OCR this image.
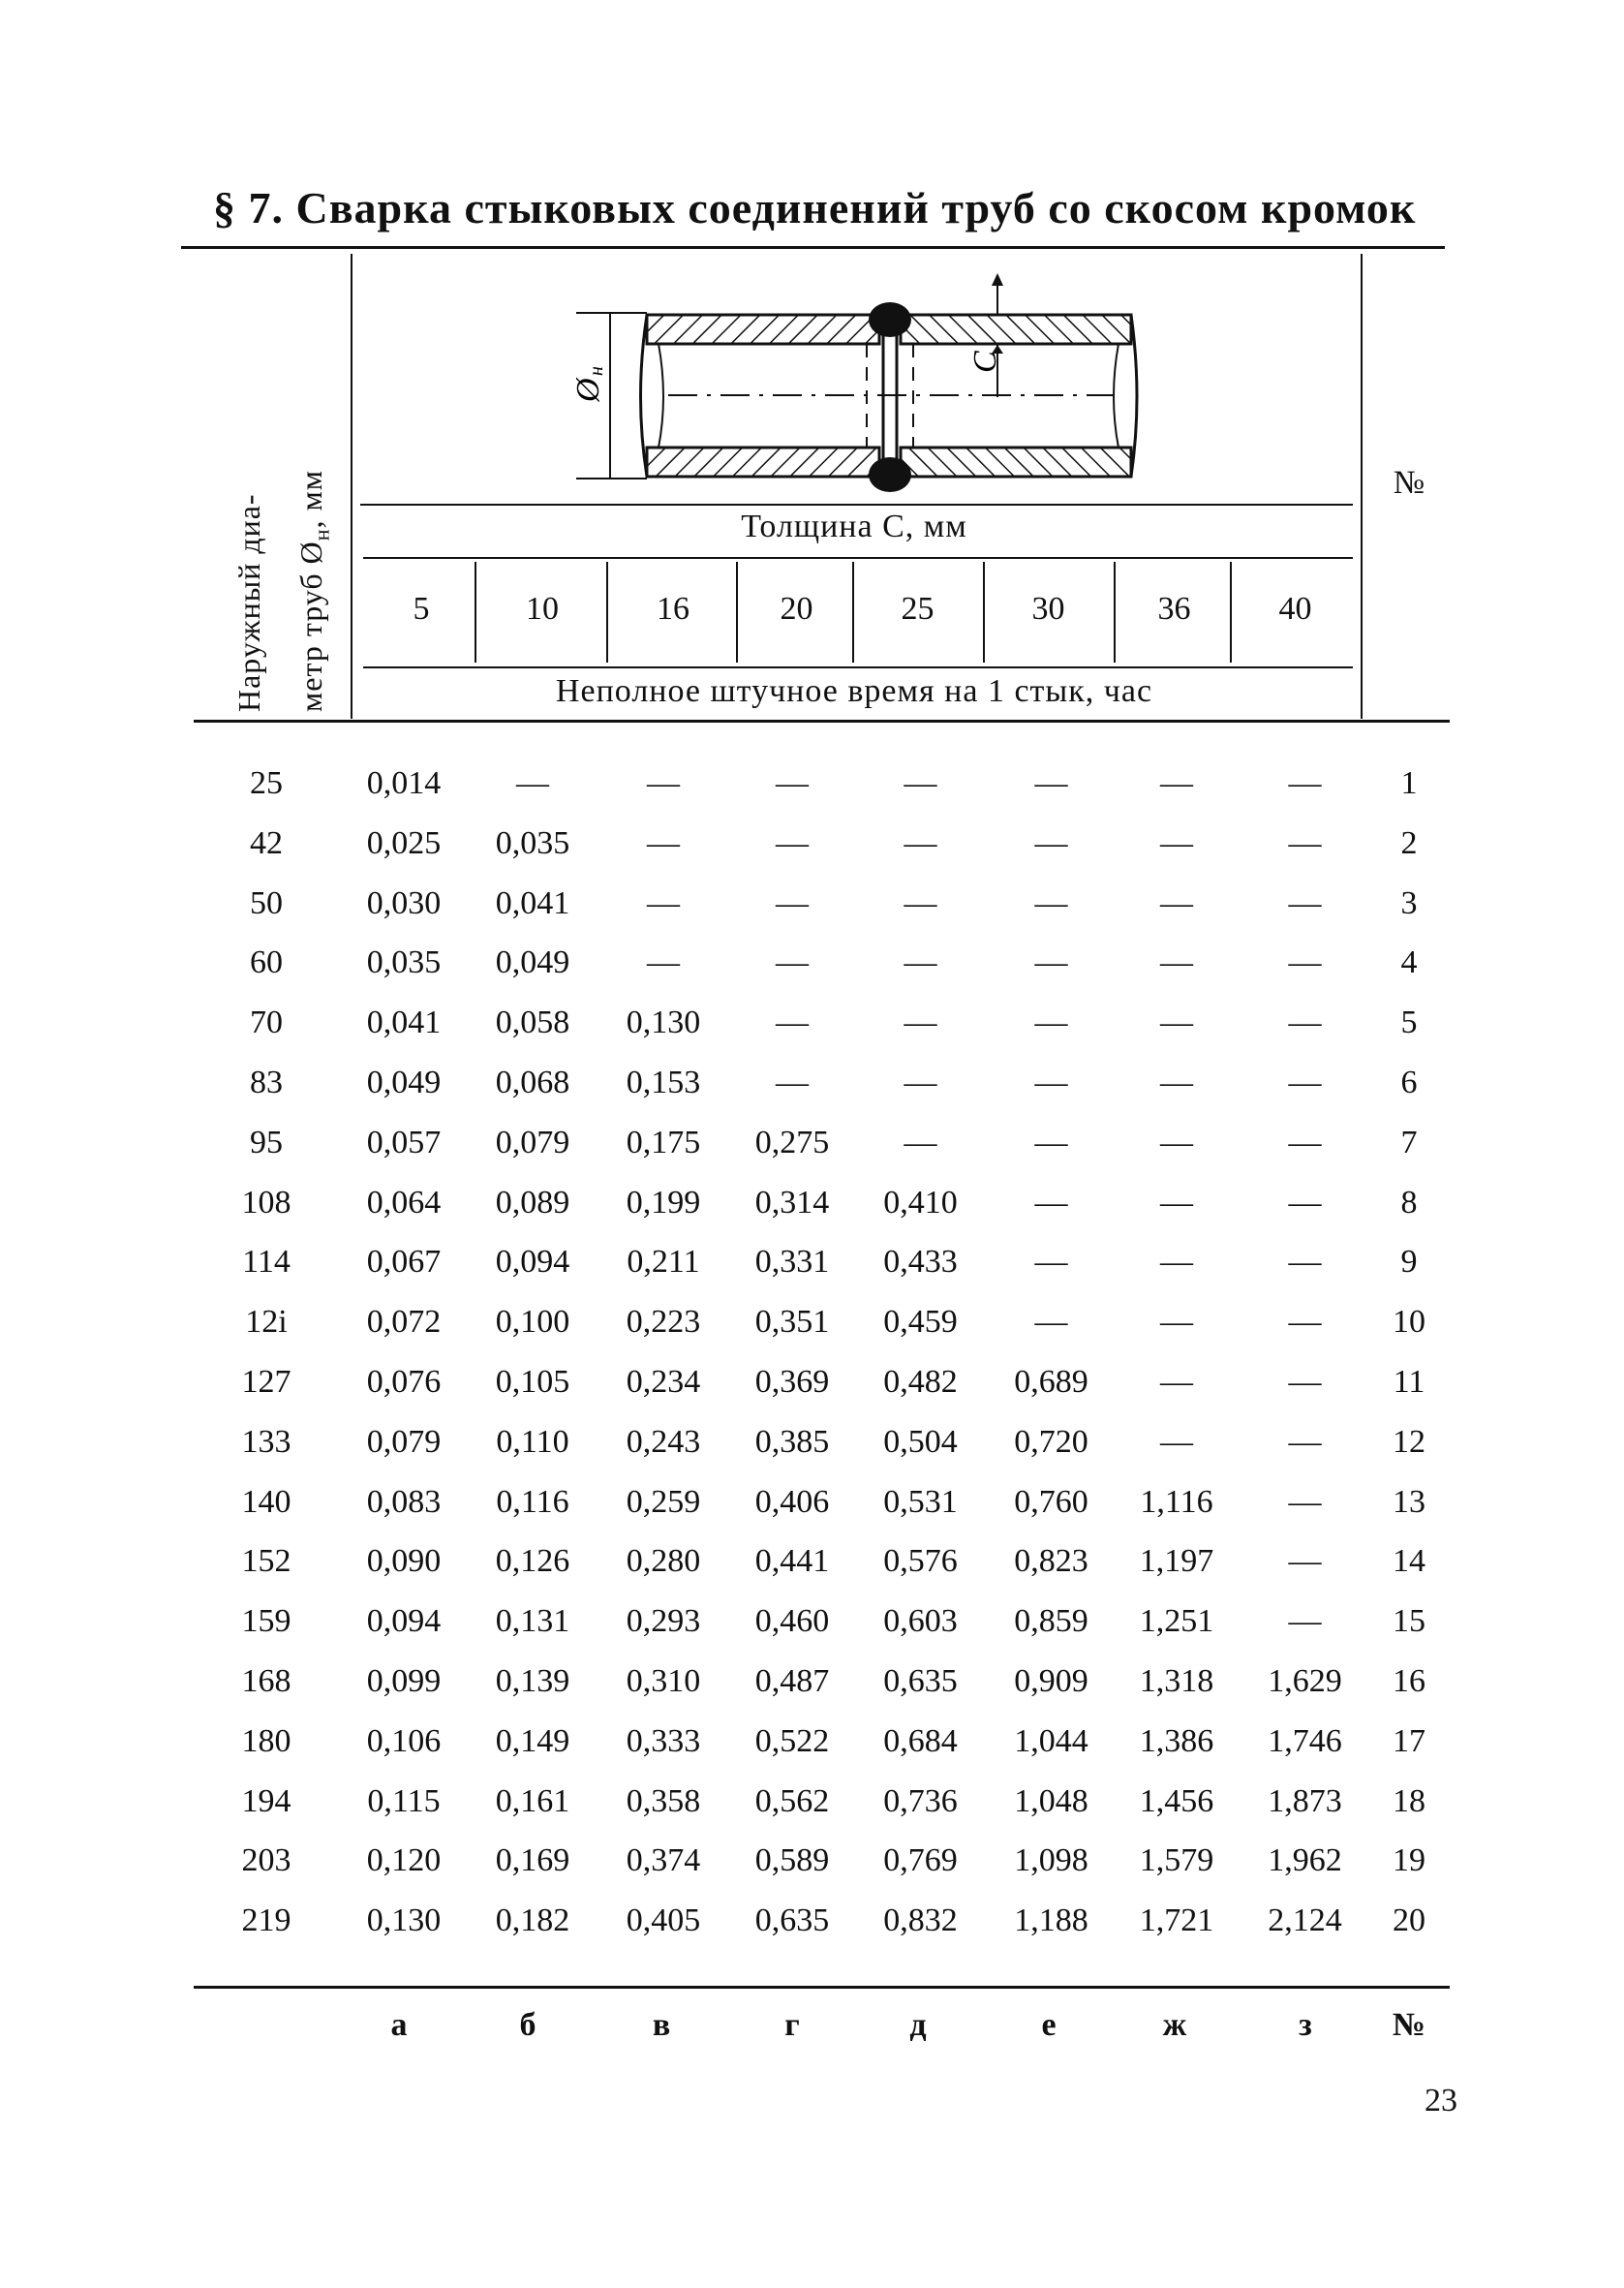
§ 7. Сварка стыковых соединений труб со скосом кромок
Наружный диа- метр труб $Ø_н$, мм	№
Ø
н	C
Толщина С, мм
5	10	16	20	25	30	36	40
Неполное штучное время на 1 стык, час
25	0,014	—	—	—	—	—	—	—	1
42	0,025	0,035	—	—	—	—	—	—	2
50	0,030	0,041	—	—	—	—	—	—	3
60	0,035	0,049	—	—	—	—	—	—	4
70	0,041	0,058	0,130	—	—	—	—	—	5
83	0,049	0,068	0,153	—	—	—	—	—	6
95	0,057	0,079	0,175	0,275	—	—	—	—	7
108	0,064	0,089	0,199	0,314	0,410	—	—	—	8
114	0,067	0,094	0,211	0,331	0,433	—	—	—	9
12i	0,072	0,100	0,223	0,351	0,459	—	—	—	10
127	0,076	0,105	0,234	0,369	0,482	0,689	—	—	11
133	0,079	0,110	0,243	0,385	0,504	0,720	—	—	12
140	0,083	0,116	0,259	0,406	0,531	0,760	1,116	—	13
152	0,090	0,126	0,280	0,441	0,576	0,823	1,197	—	14
159	0,094	0,131	0,293	0,460	0,603	0,859	1,251	—	15
168	0,099	0,139	0,310	0,487	0,635	0,909	1,318	1,629	16
180	0,106	0,149	0,333	0,522	0,684	1,044	1,386	1,746	17
194	0,115	0,161	0,358	0,562	0,736	1,048	1,456	1,873	18
203	0,120	0,169	0,374	0,589	0,769	1,098	1,579	1,962	19
219	0,130	0,182	0,405	0,635	0,832	1,188	1,721	2,124	20
а	б	в	г	д	е	ж	з	№
23
